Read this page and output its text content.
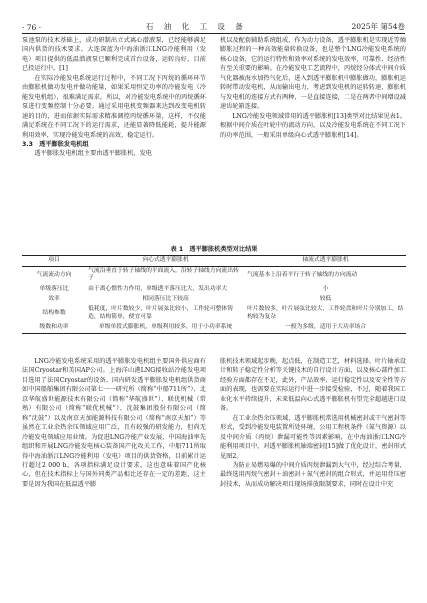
· 76 ·	石 油 化 工 设 备	2025年 第54卷

泵池泵的技术基础上，成功研制出立式离心潜液泵，已经能够满足国内供货的技术要求。大连深蓝为中海油浙江LNG冷能利用（发电）项目提供的低温潜液泵已顺利完成首台设备，运转良好，目前已投运行中。[1]

在实际冷能发电系统运行过程中，不同工况下丙烷的循环环节由膨胀机做功发电并做功能量，如果采用恒定功率的冷能发电（冷能发电机组），很难满足需求。所以，对冷能发电系统中的丙烷循环泵进行变频控制十分必要。通过采用电机变频器来达到改变电机转速的目的，进而依据实际需求精准调控丙烷循环量，这样，不仅能满足系统在不同工况下的运行需求，还能显著降低能耗，提升能源利用效率，实现冷能发电系统的高效、稳定运行。

3.3　透平膨胀发电机组

透平膨胀发电机组主要由透平膨胀机、发电

机以及配套辅助系统组成，作为动力设备，透平膨胀机是实现近等熵膨胀过程的一种高效能量转换设备，也是整个LNG冷能发电系统的核心设备，它的运行特性和效率对系统的发电效率、可靠性、经济性有至关重要的影响。在冷能发电工艺流程中，丙烷经分体式中间介质气化器被海水加热气化后，进入到透平膨胀机中膨胀做功，膨胀机运转时带动发电机，从而输出电力，考虑到发电机的运转转速，膨胀机与发电机的连接方式有两种，一是直接连接，二是在两者中间增设减速齿轮箱连接。

LNG冷能发电领域常用的透平膨胀机[13]类型对比结果见表1。根据中间介质在叶轮中的流动方向，以及冷能发电系统在不同工况下的功率范围，一般采用单级向心式透平膨胀机[14]。

表 1　透平膨胀机类型对比结果
项目	向心式透平膨胀机	轴流式透平膨胀机
气流流动方向	气流沿垂直于转子轴线的平面流入，沿转子轴线方向流出转子	气流基本上沿着平行于转子轴线的方向流动
单级落压比	由于离心惯性力作用，单级透平落压比大，发出功率大	小
效率	相同落压比下较高	较低
结构参数	低耗度，叶片数较少，叶片展弦比较小，工作轮可整体铸造，结构简单，便宜可靠	叶片数较多，叶片展弦比较大，工作轮盘和叶片分别加工，结构较为复杂
级数和功率	单级单段式膨胀机，单级利用较多，用于小功率系统	一般为多级，适用于大功率场合

LNG冷能发电系统采用的透平膨胀发电机组主要国外供应商有法国Cryostar和美国AP公司。上海洋山港LNG接收站冷能发电项目选用了法国Cryostar的设备。国内研发透平膨胀发电机组供货商如中国船舶集团有限公司第七一一研究所（简称“中船711所”）、北京华航盛世能源技术有限公司（简称“华航盛世”）、联优机械（常熟）有限公司（简称“联优机械”）、沈鼓集团股份有限公司（简称“沈鼓”）以及南京天加能源科技有限公司（简称“南京天加”）等虽然在工业余热余压领域应用广泛，且有较强的研发能力，但尚无冷能发电领域应用业绩。为促进LNG冷能产业发展，中国海油率先组织和开展LNG冷能发电核心装备国产化攻关工作，中船711所取得中海油浙江LNG冷能利用（发电）项目的供货资格，目前累计运行超过2 000 h，各项指标满足设计要求，这也意味着国产化核心，但在技术指标上与国外同类产品相比还存在一定的差距，这主要是因为我国在低温透平膨

胀机技术领域起步晚，起点低，在制造工艺，材料选择、叶片轴承设计和转子稳定性分析等关键技术的自行设计方面，以及核心部件加工经验方面都存在不足，此外，产品效率、运行稳定性以及安全性等方面的表现，也需要在实际运行中进一步接受检验，不过，随着我国工业化水平持续提升，未来低温向心式透平膨胀机有望完全超越进口设备。

在工业余热余压领域，透平膨胀机常选用机械密封或干气密封等形式，受到冷能发电装置所处环境、公用工程机条件（氮气资源）以及中间介质（丙烷）泄漏可能性等因素影响，在中海油浙江LNG冷能利用项目中，对透平膨胀机轴端密封[15]做了优化设计，密封形式见图2。

为防止易燃易爆的中间介质丙烷泄漏到大气中，经过综合考量，最终选用丙烷气密封＋油密封＋氮气密封的组合形式，并运用背压密封技术，从而成功解决项目现场排放限制要求，同时在设计中充
